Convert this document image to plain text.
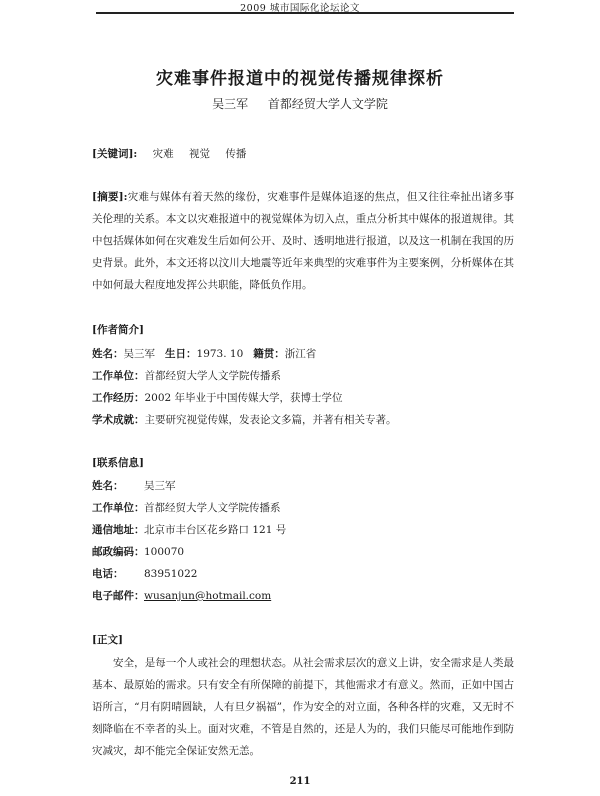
2009 城市国际化论坛论文
灾难事件报道中的视觉传播规律探析
吴三军 首都经贸大学人文学院
[关键词]: 灾难 视觉 传播
[摘要]:灾难与媒体有着天然的缘份，灾难事件是媒体追逐的焦点，但又往往牵扯出诸多事关伦理的关系。本文以灾难报道中的视觉媒体为切入点，重点分析其中媒体的报道规律。其中包括媒体如何在灾难发生后如何公开、及时、透明地进行报道，以及这一机制在我国的历史背景。此外，本文还将以汶川大地震等近年来典型的灾难事件为主要案例，分析媒体在其中如何最大程度地发挥公共职能，降低负作用。
[作者简介]
姓名：吴三军 生日：1973. 10 籍贯：浙江省
工作单位：首都经贸大学人文学院传播系
工作经历：2002 年毕业于中国传媒大学，获博士学位
学术成就：主要研究视觉传媒，发表论文多篇，并著有相关专著。
[联系信息]
姓名： 吴三军
工作单位：首都经贸大学人文学院传播系
通信地址：北京市丰台区花乡路口 121 号
邮政编码：100070
电话： 83951022
电子邮件：wusanjun@hotmail.com
[正文]
安全，是每一个人或社会的理想状态。从社会需求层次的意义上讲，安全需求是人类最基本、最原始的需求。只有安全有所保障的前提下，其他需求才有意义。然而，正如中国古语所言，“月有阴晴圆缺，人有旦夕祸福”，作为安全的对立面，各种各样的灾难，又无时不刻降临在不幸者的头上。面对灾难，不管是自然的，还是人为的，我们只能尽可能地作到防灾减灾，却不能完全保证安然无恙。
211
